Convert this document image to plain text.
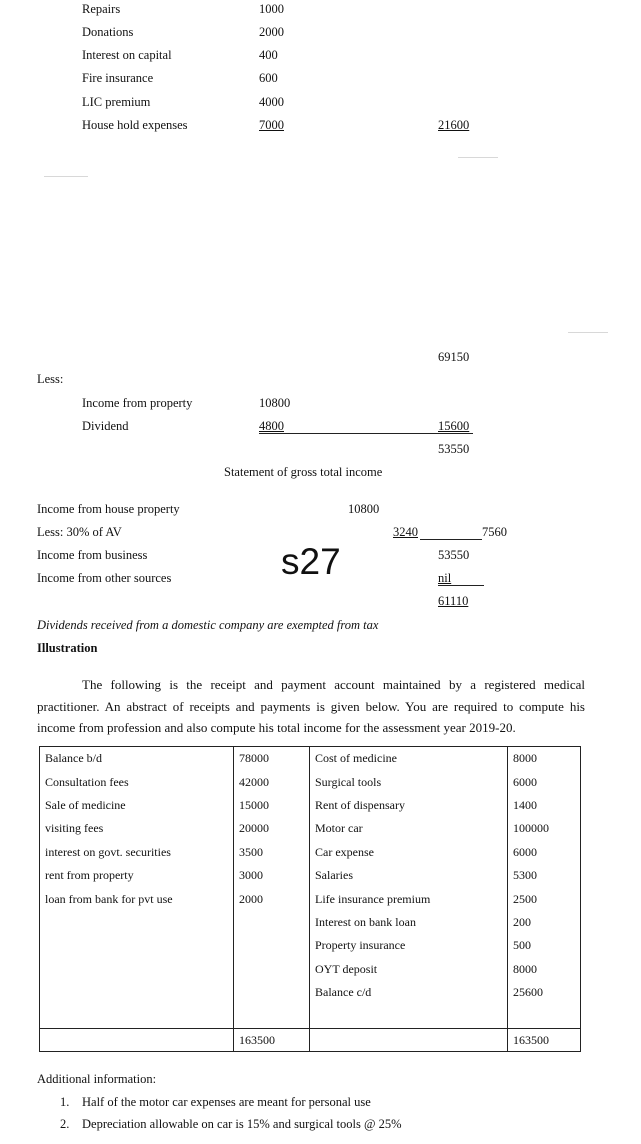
Repairs	1000
Donations	2000
Interest on capital	400
Fire insurance	600
LIC premium	4000
House hold expenses	7000	21600
69150
Less:
Income from property	10800
Dividend	4800	15600
53550
Statement of gross total income
Income from house property	10800
Less: 30% of AV	3240	7560
Income from business	53550
Income from other sources	nil
61110
s27
Dividends received from a domestic company are exempted from tax
Illustration
The following is the receipt and payment account maintained by a registered medical practitioner. An abstract of receipts and payments is given below. You are required to compute his income from profession and also compute his total income for the assessment year 2019-20.
Balance b/d	78000	Cost of medicine	8000
Consultation fees	42000	Surgical tools	6000
Sale of medicine	15000	Rent of dispensary	1400
visiting fees	20000	Motor car	100000
interest on govt. securities	3500	Car expense	6000
rent from property	3000	Salaries	5300
loan from bank for pvt use	2000	Life insurance premium	2500
		Interest on bank loan	200
		Property insurance	500
		OYT deposit	8000
		Balance c/d	25600

	163500		163500
Additional information:
1. Half of the motor car expenses are meant for personal use
2. Depreciation allowable on car is 15% and surgical tools @ 25%
